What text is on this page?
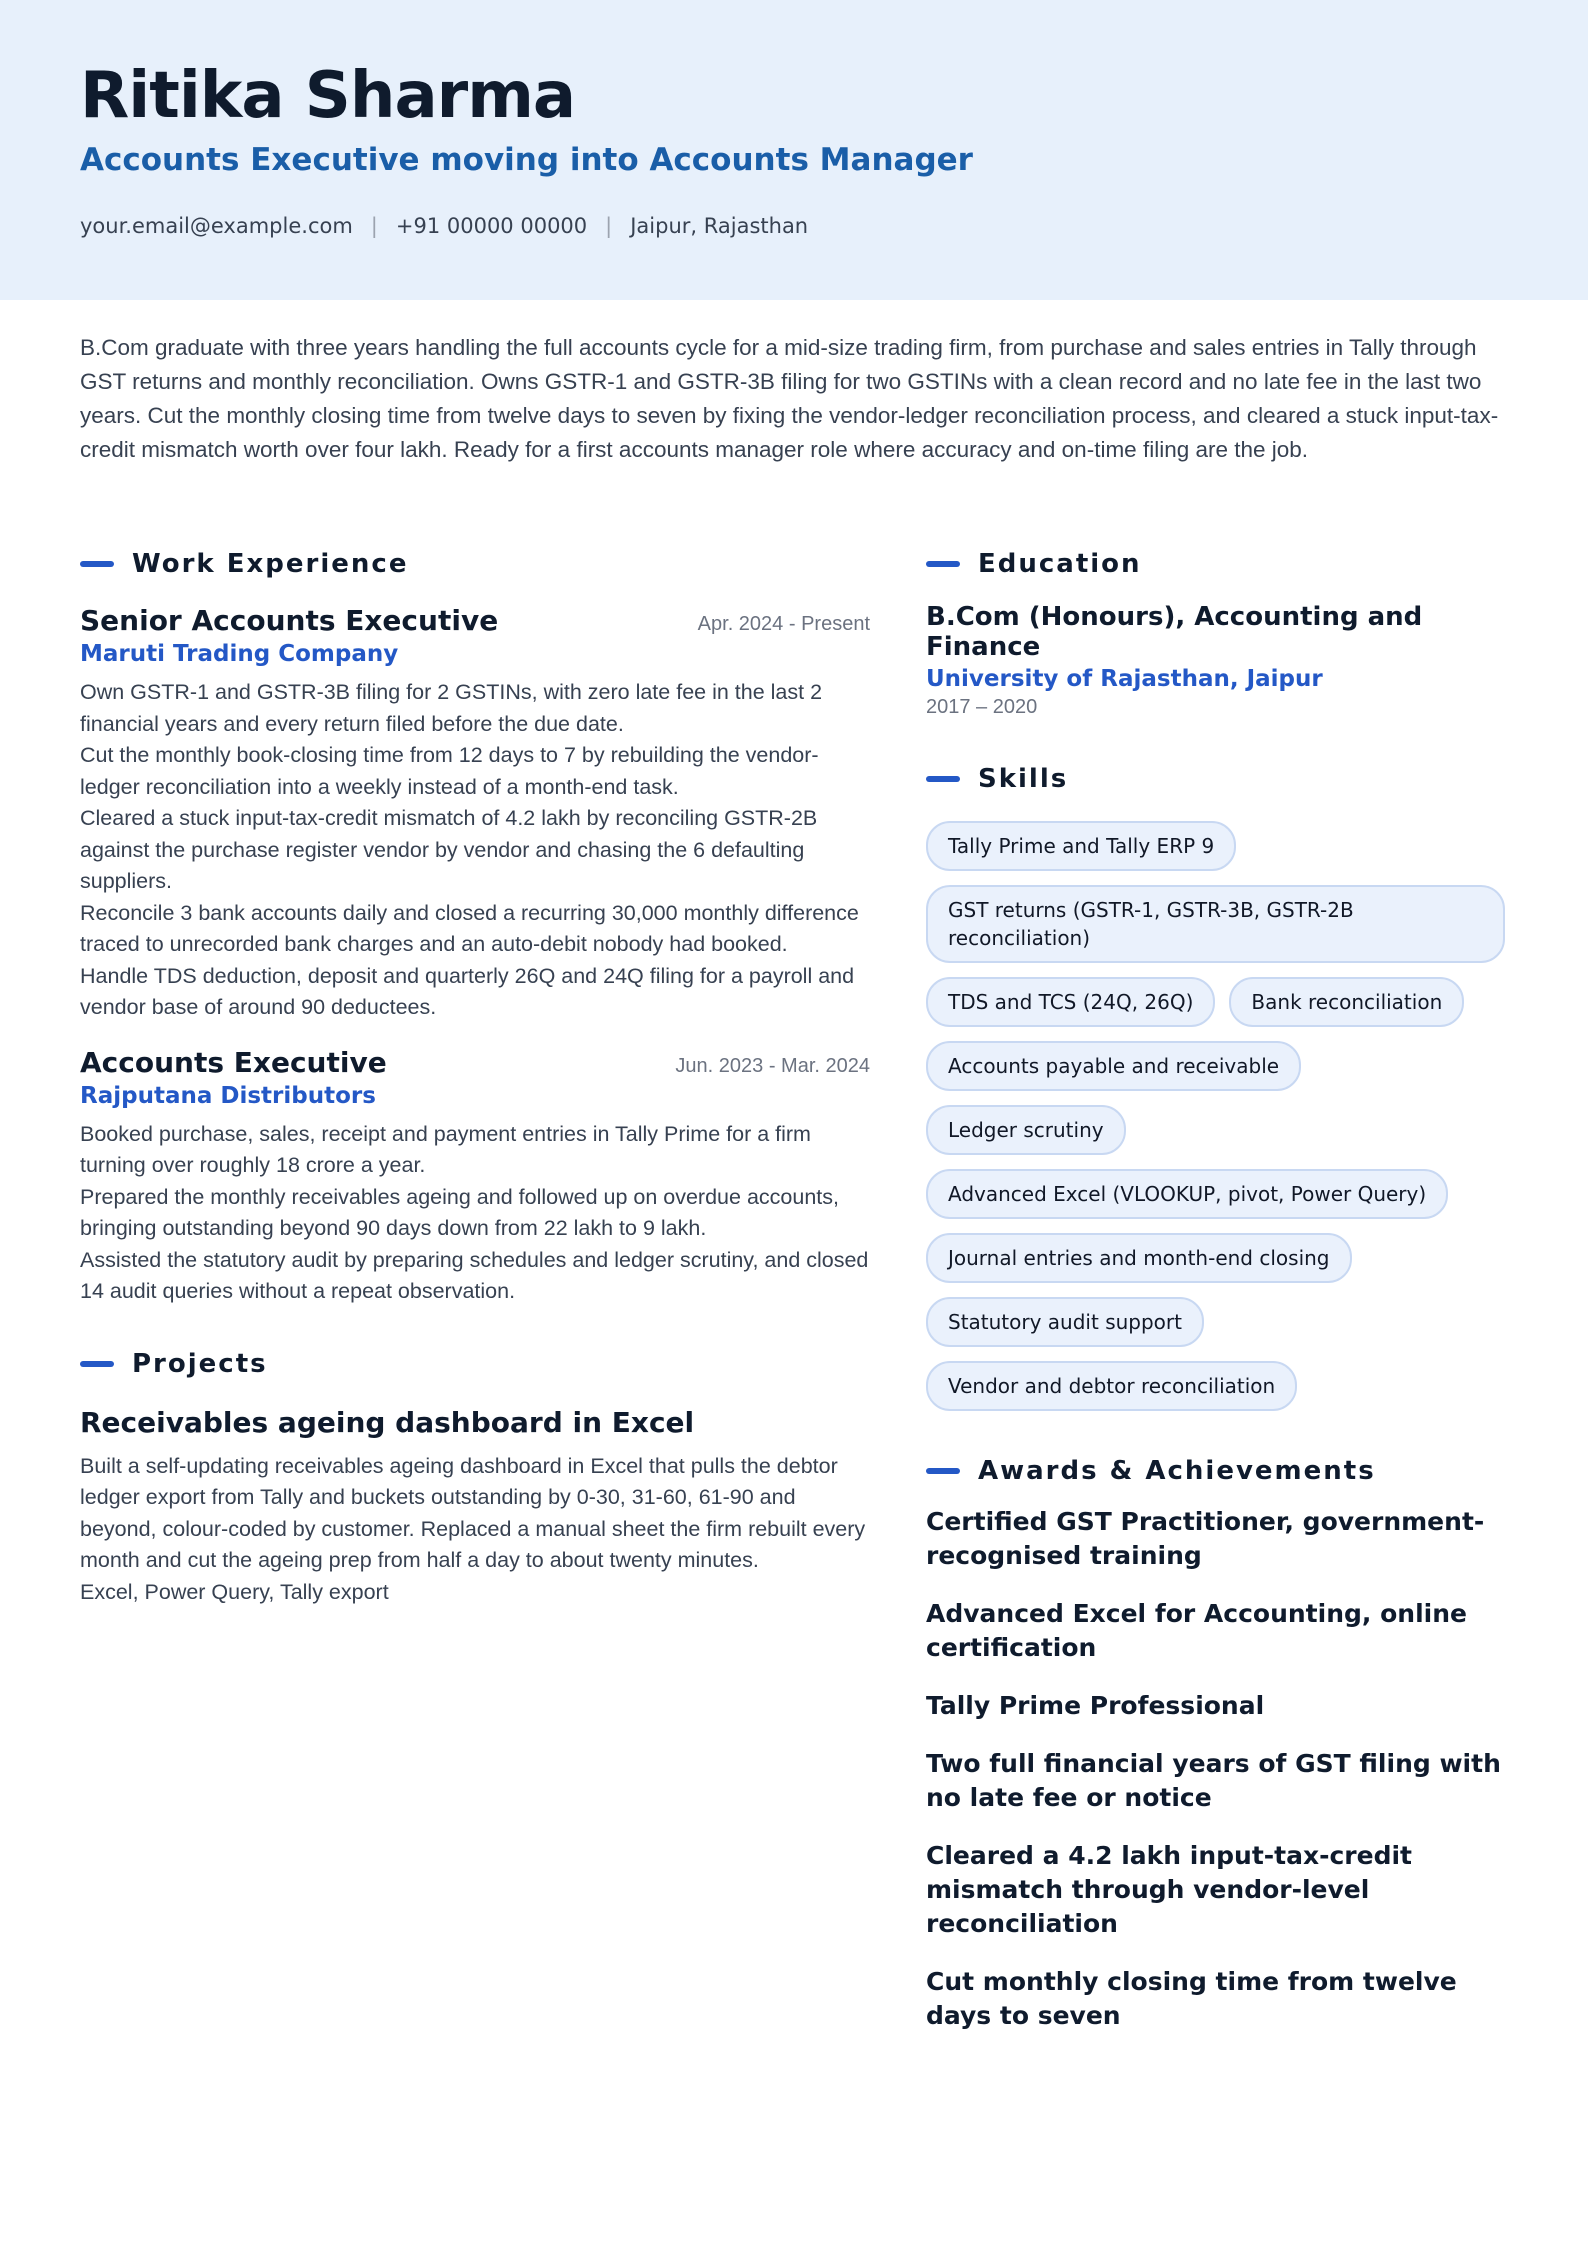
Ritika Sharma
Accounts Executive moving into Accounts Manager
your.email@example.com | +91 00000 00000 | Jaipur, Rajasthan

B.Com graduate with three years handling the full accounts cycle for a mid-size trading firm, from purchase and sales entries in Tally through GST returns and monthly reconciliation. Owns GSTR-1 and GSTR-3B filing for two GSTINs with a clean record and no late fee in the last two years. Cut the monthly closing time from twelve days to seven by fixing the vendor-ledger reconciliation process, and cleared a stuck input-tax-credit mismatch worth over four lakh. Ready for a first accounts manager role where accuracy and on-time filing are the job.

Work Experience
Senior Accounts Executive	Apr. 2024 - Present
Maruti Trading Company
Own GSTR-1 and GSTR-3B filing for 2 GSTINs, with zero late fee in the last 2 financial years and every return filed before the due date.
Cut the monthly book-closing time from 12 days to 7 by rebuilding the vendor-ledger reconciliation into a weekly instead of a month-end task.
Cleared a stuck input-tax-credit mismatch of 4.2 lakh by reconciling GSTR-2B against the purchase register vendor by vendor and chasing the 6 defaulting suppliers.
Reconcile 3 bank accounts daily and closed a recurring 30,000 monthly difference traced to unrecorded bank charges and an auto-debit nobody had booked.
Handle TDS deduction, deposit and quarterly 26Q and 24Q filing for a payroll and vendor base of around 90 deductees.
Accounts Executive	Jun. 2023 - Mar. 2024
Rajputana Distributors
Booked purchase, sales, receipt and payment entries in Tally Prime for a firm turning over roughly 18 crore a year.
Prepared the monthly receivables ageing and followed up on overdue accounts, bringing outstanding beyond 90 days down from 22 lakh to 9 lakh.
Assisted the statutory audit by preparing schedules and ledger scrutiny, and closed 14 audit queries without a repeat observation.
Projects
Receivables ageing dashboard in Excel
Built a self-updating receivables ageing dashboard in Excel that pulls the debtor ledger export from Tally and buckets outstanding by 0-30, 31-60, 61-90 and beyond, colour-coded by customer. Replaced a manual sheet the firm rebuilt every month and cut the ageing prep from half a day to about twenty minutes.
Excel, Power Query, Tally export
Education
B.Com (Honours), Accounting and Finance
University of Rajasthan, Jaipur
2017 – 2020
Skills
Tally Prime and Tally ERP 9
GST returns (GSTR-1, GSTR-3B, GSTR-2B reconciliation)
TDS and TCS (24Q, 26Q)	Bank reconciliation
Accounts payable and receivable
Ledger scrutiny
Advanced Excel (VLOOKUP, pivot, Power Query)
Journal entries and month-end closing
Statutory audit support
Vendor and debtor reconciliation
Awards & Achievements
Certified GST Practitioner, government-recognised training
Advanced Excel for Accounting, online certification
Tally Prime Professional
Two full financial years of GST filing with no late fee or notice
Cleared a 4.2 lakh input-tax-credit mismatch through vendor-level reconciliation
Cut monthly closing time from twelve days to seven
